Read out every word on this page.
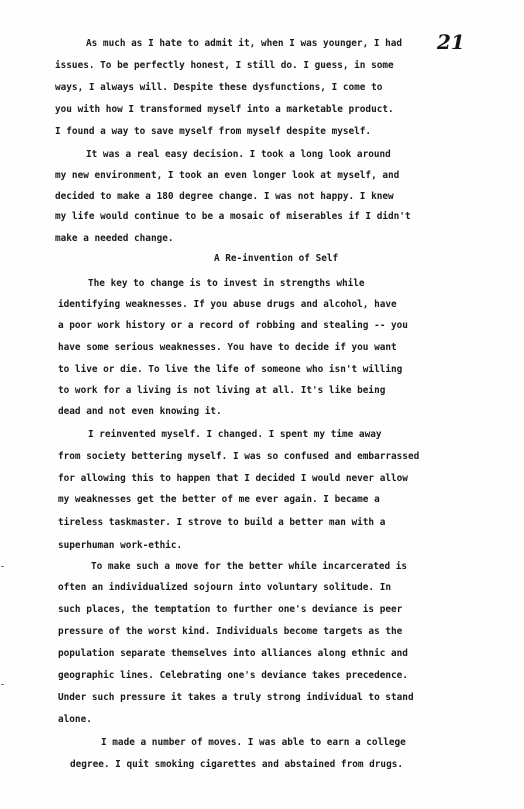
21

As much as I hate to admit it, when I was younger, I had

issues. To be perfectly honest, I still do. I guess, in some

ways, I always will. Despite these dysfunctions, I come to

you with how I transformed myself into a marketable product.

I found a way to save myself from myself despite myself.

It was a real easy decision. I took a long look around

my new environment, I took an even longer look at myself, and

decided to make a 180 degree change. I was not happy. I knew

my life would continue to be a mosaic of miserables if I didn't

make a needed change.

A Re-invention of Self

The key to change is to invest in strengths while

identifying weaknesses. If you abuse drugs and alcohol, have

a poor work history or a record of robbing and stealing -- you

have some serious weaknesses. You have to decide if you want

to live or die. To live the life of someone who isn't willing

to work for a living is not living at all. It's like being

dead and not even knowing it.

I reinvented myself. I changed. I spent my time away

from society bettering myself. I was so confused and embarrassed

for allowing this to happen that I decided I would never allow

my weaknesses get the better of me ever again. I became a

tireless taskmaster. I strove to build a better man with a

superhuman work-ethic.

To make such a move for the better while incarcerated is

often an individualized sojourn into voluntary solitude. In

such places, the temptation to further one's deviance is peer

pressure of the worst kind. Individuals become targets as the

population separate themselves into alliances along ethnic and

geographic lines. Celebrating one's deviance takes precedence.

Under such pressure it takes a truly strong individual to stand

alone.

I made a number of moves. I was able to earn a college

degree. I quit smoking cigarettes and abstained from drugs.
